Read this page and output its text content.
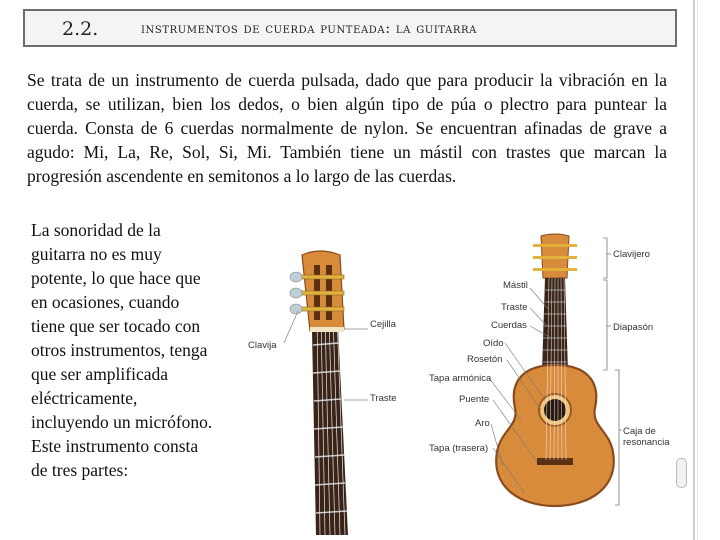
2.2.	instrumentos de cuerda punteada: la guitarra
Se trata de un instrumento de cuerda pulsada, dado que para producir la vibración en la cuerda, se utilizan, bien los dedos, o bien algún tipo de púa o plectro para puntear la cuerda. Consta de 6 cuerdas normalmente de nylon. Se encuentran afinadas de grave a agudo: Mi, La, Re, Sol, Si, Mi. También tiene un mástil con trastes que marcan la progresión ascendente en semitonos a lo largo de las cuerdas.
La sonoridad de la guitarra no es muy potente, lo que hace que en ocasiones, cuando tiene que ser tocado con otros instrumentos, tenga que ser amplificada eléctricamente, incluyendo un micrófono. Este instrumento consta de tres partes:
Cejilla
Clavija
Traste
Mástil
Traste
Cuerdas
Oído
Rosetón
Tapa armónica
Puente
Aro
Tapa (trasera)
Clavijero
Diapasón
Caja de
resonancia
